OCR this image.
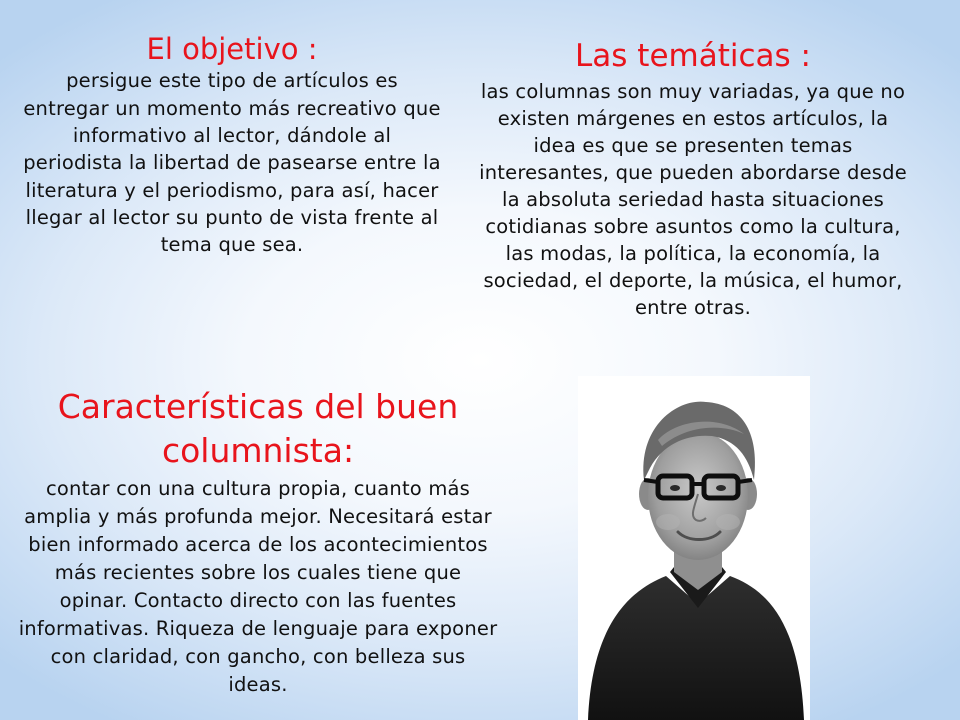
El objetivo :

persigue este tipo de artículos es entregar un momento más recreativo que informativo al lector, dándole al periodista la libertad de pasearse entre la literatura y el periodismo, para así, hacer llegar al lector su punto de vista frente al tema que sea.

Las temáticas :

las columnas son muy variadas, ya que no existen márgenes en estos artículos, la idea es que se presenten temas interesantes, que pueden abordarse desde la absoluta seriedad hasta situaciones cotidianas sobre asuntos como la cultura, las modas, la política, la economía, la sociedad, el deporte, la música, el humor, entre otras.

Características del buen columnista:

contar con una cultura propia, cuanto más amplia y más profunda mejor. Necesitará estar bien informado acerca de los acontecimientos más recientes sobre los cuales tiene que opinar. Contacto directo con las fuentes informativas. Riqueza de lenguaje para exponer con claridad, con gancho, con belleza sus ideas.
